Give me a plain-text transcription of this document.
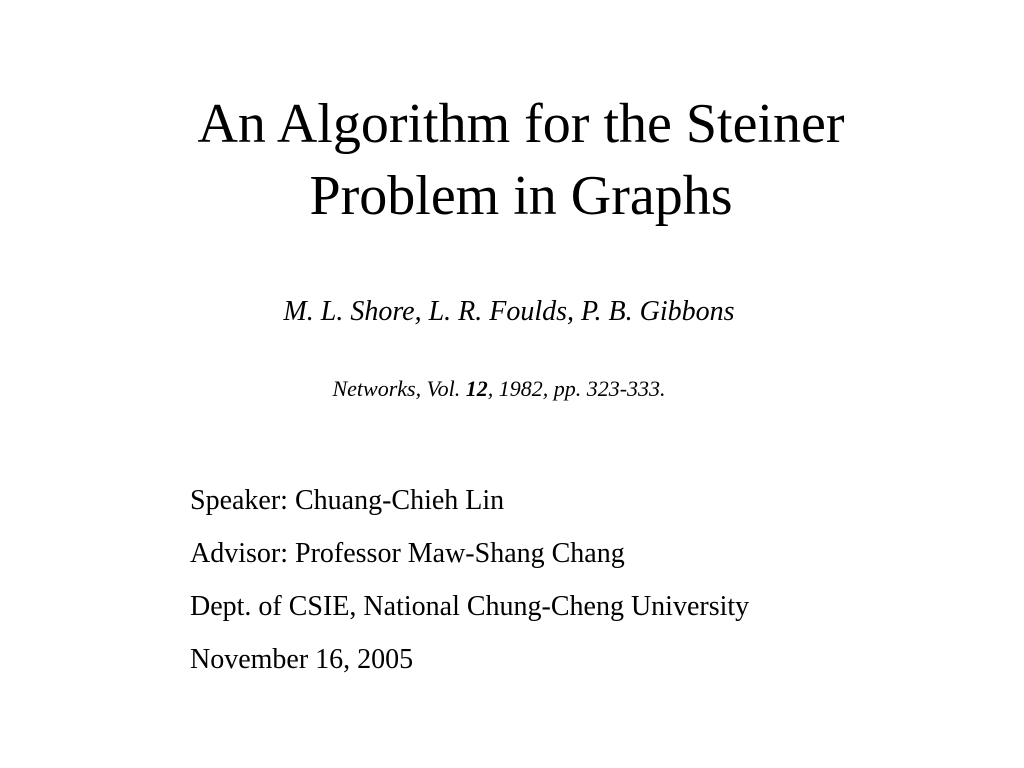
An Algorithm for the Steiner
Problem in Graphs
M. L. Shore, L. R. Foulds, P. B. Gibbons
Networks, Vol. 12, 1982, pp. 323-333.
Speaker: Chuang-Chieh Lin
Advisor: Professor Maw-Shang Chang
Dept. of CSIE, National Chung-Cheng University
November 16, 2005
